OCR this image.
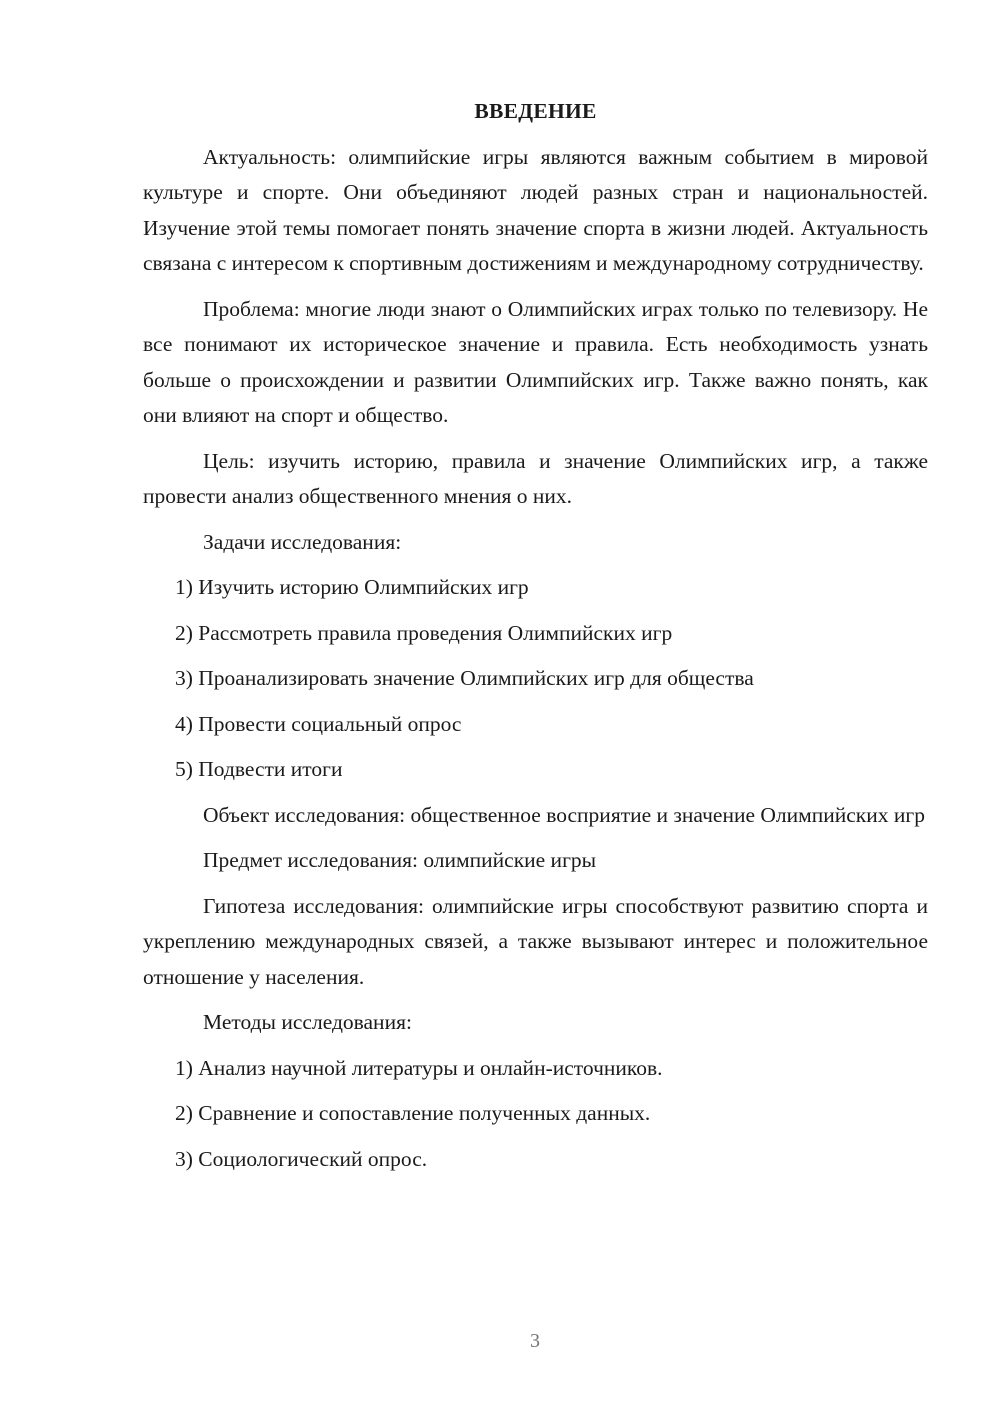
ВВЕДЕНИЕ

Актуальность: олимпийские игры являются важным событием в мировой культуре и спорте. Они объединяют людей разных стран и национальностей. Изучение этой темы помогает понять значение спорта в жизни людей. Актуальность связана с интересом к спортивным достижениям и международному сотрудничеству.

Проблема: многие люди знают о Олимпийских играх только по телевизору. Не все понимают их историческое значение и правила. Есть необходимость узнать больше о происхождении и развитии Олимпийских игр. Также важно понять, как они влияют на спорт и общество.

Цель: изучить историю, правила и значение Олимпийских игр, а также провести анализ общественного мнения о них.

Задачи исследования:

1) Изучить историю Олимпийских игр

2) Рассмотреть правила проведения Олимпийских игр

3) Проанализировать значение Олимпийских игр для общества

4) Провести социальный опрос

5) Подвести итоги

Объект исследования: общественное восприятие и значение Олимпийских игр

Предмет исследования: олимпийские игры

Гипотеза исследования: олимпийские игры способствуют развитию спорта и укреплению международных связей, а также вызывают интерес и положительное отношение у населения.

Методы исследования:

1) Анализ научной литературы и онлайн-источников.

2) Сравнение и сопоставление полученных данных.

3) Социологический опрос.

3
